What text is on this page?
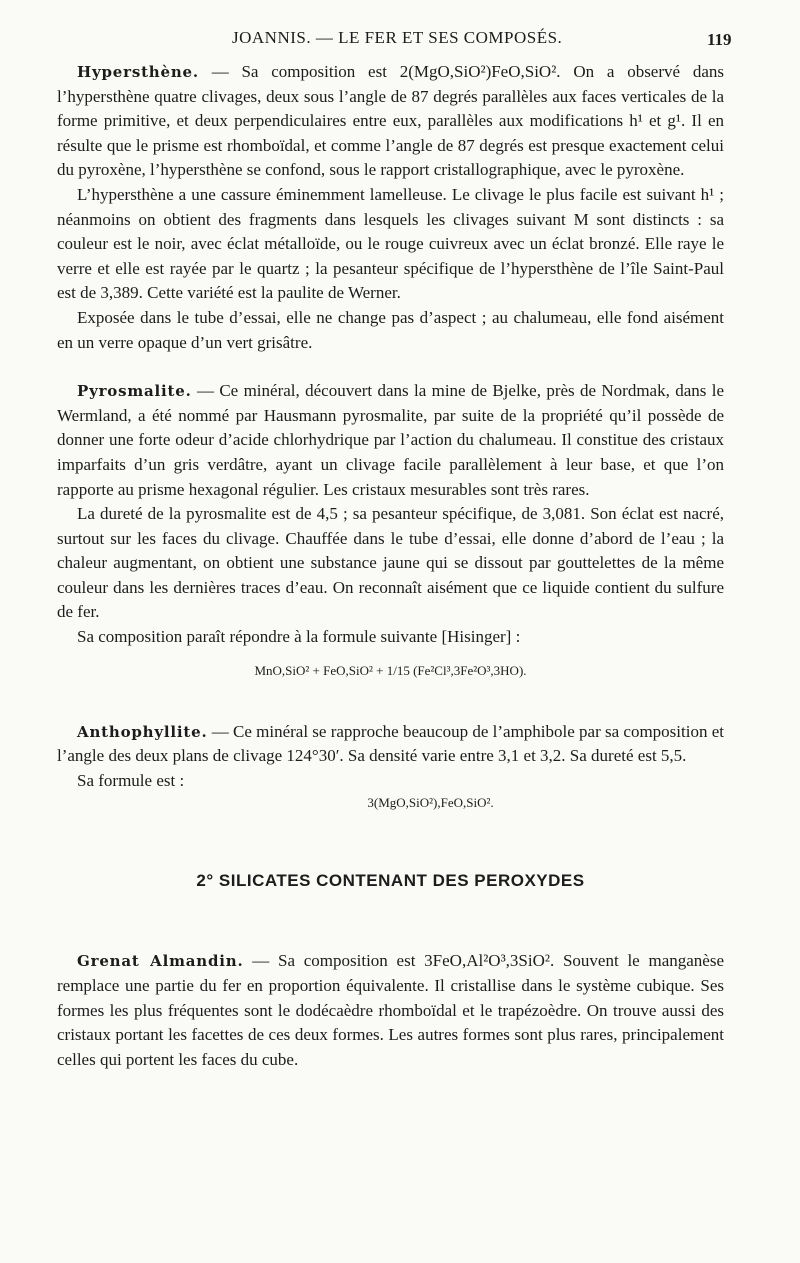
JOANNIS. — LE FER ET SES COMPOSÉS.	119

Hypersthène. — Sa composition est 2(MgO,SiO²)FeO,SiO². On a observé dans l’hypersthène quatre clivages, deux sous l’angle de 87 degrés parallèles aux faces verticales de la forme primitive, et deux perpendiculaires entre eux, parallèles aux modifications h¹ et g¹. Il en résulte que le prisme est rhomboïdal, et comme l’angle de 87 degrés est presque exactement celui du pyroxène, l’hypersthène se confond, sous le rapport cristallographique, avec le pyroxène.

L’hypersthène a une cassure éminemment lamelleuse. Le clivage le plus facile est suivant h¹ ; néanmoins on obtient des fragments dans lesquels les clivages suivant M sont distincts : sa couleur est le noir, avec éclat métalloïde, ou le rouge cuivreux avec un éclat bronzé. Elle raye le verre et elle est rayée par le quartz ; la pesanteur spécifique de l’hypersthène de l’île Saint-Paul est de 3,389. Cette variété est la paulite de Werner.

Exposée dans le tube d’essai, elle ne change pas d’aspect ; au chalumeau, elle fond aisément en un verre opaque d’un vert grisâtre.

Pyrosmalite. — Ce minéral, découvert dans la mine de Bjelke, près de Nordmak, dans le Wermland, a été nommé par Hausmann pyrosmalite, par suite de la propriété qu’il possède de donner une forte odeur d’acide chlorhydrique par l’action du chalumeau. Il constitue des cristaux imparfaits d’un gris verdâtre, ayant un clivage facile parallèlement à leur base, et que l’on rapporte au prisme hexagonal régulier. Les cristaux mesurables sont très rares.

La dureté de la pyrosmalite est de 4,5 ; sa pesanteur spécifique, de 3,081. Son éclat est nacré, surtout sur les faces du clivage. Chauffée dans le tube d’essai, elle donne d’abord de l’eau ; la chaleur augmentant, on obtient une substance jaune qui se dissout par gouttelettes de la même couleur dans les dernières traces d’eau. On reconnaît aisément que ce liquide contient du sulfure de fer.

Sa composition paraît répondre à la formule suivante [Hisinger] :

MnO,SiO² + FeO,SiO² + 1/15 (Fe²Cl³,3Fe²O³,3HO).

Anthophyllite. — Ce minéral se rapproche beaucoup de l’amphibole par sa composition et l’angle des deux plans de clivage 124°30′. Sa densité varie entre 3,1 et 3,2. Sa dureté est 5,5.

Sa formule est :

3(MgO,SiO²),FeO,SiO².
2° SILICATES CONTENANT DES PEROXYDES

Grenat Almandin. — Sa composition est 3FeO,Al²O³,3SiO². Souvent le manganèse remplace une partie du fer en proportion équivalente. Il cristallise dans le système cubique. Ses formes les plus fréquentes sont le dodécaèdre rhomboïdal et le trapézoèdre. On trouve aussi des cristaux portant les facettes de ces deux formes. Les autres formes sont plus rares, principalement celles qui portent les faces du cube.
